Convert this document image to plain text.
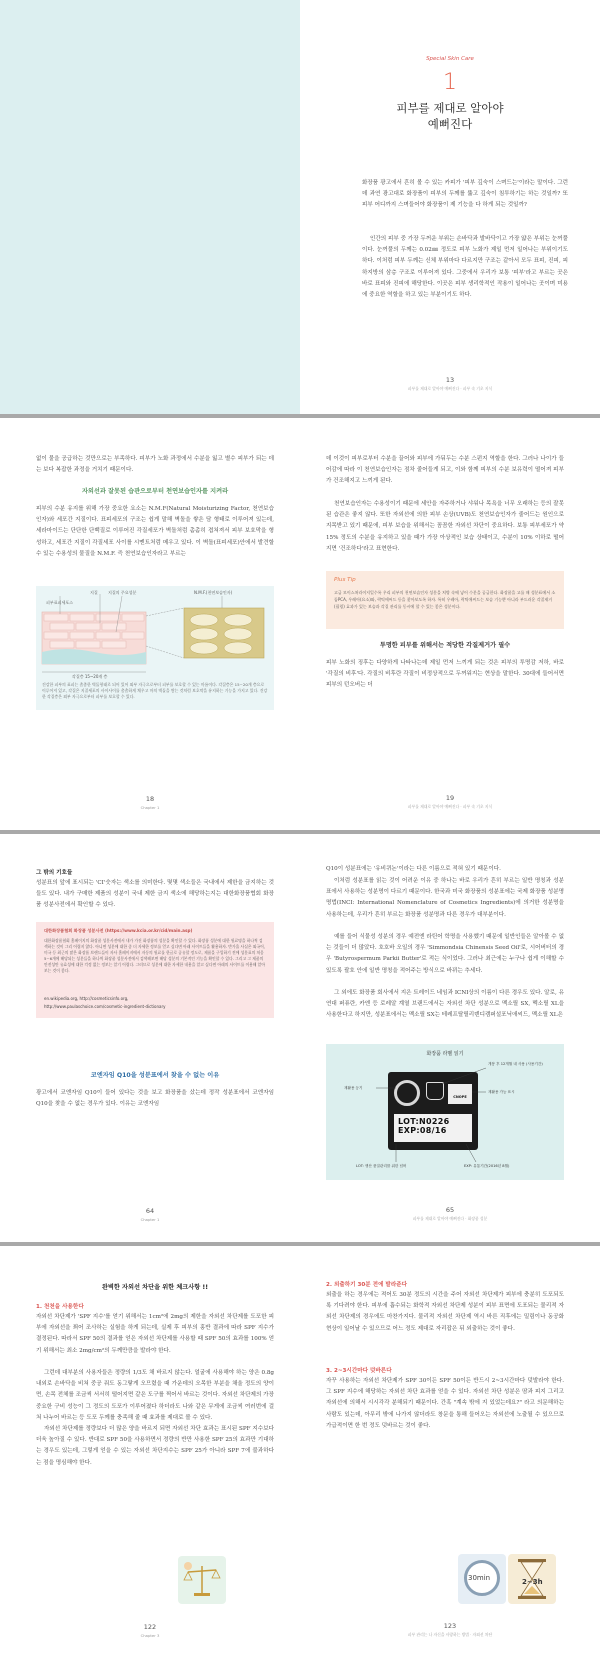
Special Skin Care
1
피부를 제대로 알아야
예뻐진다
화장품 광고에서 흔히 볼 수 있는 카피가 '피부 깊숙이 스며드는'이라는 말이다. 그런데 과연 광고대로 화장품이 피부의 두께를 뚫고 깊숙이 침투하기는 하는 것일까? 또 피부 어디까지 스며들어야 화장품이 제 기능을 다 하게 되는 것일까?
인간의 피부 중 가장 두꺼운 부위는 손바닥과 발바닥이고 가장 얇은 부위는 눈꺼풀이다. 눈꺼풀의 두께는 0.02㎜ 정도로 피부 노화가 제일 먼저 일어나는 부위이기도 하다. 이처럼 피부 두께는 신체 부위마다 다르지만 구조는 같아서 모두 표피, 진피, 피하지방의 삼층 구조로 이루어져 있다. 그중에서 우리가 보통 '피부'라고 부르는 곳은 바로 표피와 진피에 해당한다. 이곳은 피부 생리학적인 작용이 일어나는 곳이며 미용에 중요한 역할을 하고 있는 부분이기도 하다.
13
피부를 제대로 알아야 예뻐진다 · 피부 속 기초 지식
없이 물을 공급하는 것만으로는 부족하다. 피부가 노화 과정에서 수분을 잃고 별수 피부가 되는 데는 보다 복잡한 과정을 거치기 때문이다.
자외선과 잘못된 습관으로부터 천연보습인자를 지켜라
피부의 수분 유지를 위해 가장 중요한 요소는 N.M.F(Natural Moisturizing Factor, 천연보습인자)와 세포간 지질이다. 표피세포의 구조는 쉽게 말해 벽돌을 쌓은 담 형태로 이루어져 있는데, 세라마이드는 단단한 단백질로 이루어진 각질세포가 벽돌처럼 촘촘히 겹쳐져서 피부 보호막을 형성하고, 세포간 지질이 각질세포 사이를 시멘트처럼 메우고 있다. 이 벽돌(표피세포)안에서 발견할 수 있는 수용성의 물질을 N.M.F. 즉 천연보습인자라고 부르는
피부표피세포스
지질	지질의 주요성분	N.M.F.(천연보습인자)
각질층 15~20개 층
건강한 피부의 표피는 촘촘한 벽돌형태로 되어 있어 외부 자극으로부터 피부를 보호할 수 있는 마름이다. 각질층은 15~20개 층으로 이루어져 있고, 각질은 지질세포의 사이사이를 촘촘하게 채우고 마치 벽돌을 쌓는 것처럼 보호막을 유지하는 기능을 가지고 있다. 건강한 각질층은 외부 자극으로부터 피부를 보호할 수 있다.
18
Chapter 1
데 이것이 피부로부터 수분을 끌어와 피부에 가둬두는 수분 스펀지 역할을 한다. 그러나 나이가 들어감에 따라 이 천연보습인자는 점차 줄어들게 되고, 이와 함께 피부의 수분 보유력이 떨어져 피부가 건조해지고 느끼게 된다.
천연보습인자는 수용성이기 때문에 세안을 자주하거나 샤워나 목욕을 너무 오래하는 등의 잘못된 습관은 좋지 않다. 또한 자외선에 의한 피부 손상(UVB)도 천연보습인자가 줄어드는 원인으로 지목받고 있기 때문에, 피부 보습을 위해서는 꼼꼼한 자외선 차단이 중요하다. 보통 피부세포가 약 15% 정도의 수분을 유지하고 있을 때가 가장 아상적인 보습 상태이고, 수분이 10% 이하로 떨어지면 '건조하다'라고 표현한다.
Plus Tip
고급 모이스처라이저일수록 우리 피부의 천연보습인자 성분을 처방 속에 넣어 수분을 공급한다. 화장품을 고를 때 성분표에서 소듐PCA, 우레아(요소)와, 락틱애씨드 등을 찾아보도록 하자. 특히 우레아, 락틱애씨드는 보습 기능뿐 아니라 부드러운 각질제거(필링) 효과가 있는 보습과 각질 관리를 동시에 할 수 있는 좋은 성분이다.
투명한 피부를 위해서는 적당한 각질제거가 필수
피부 노화의 징후는 다양하게 나타나는데 제일 먼저 느끼게 되는 것은 피부의 투명감 저하, 바로 '각질의 비후'다. 각질의 비후란 각질이 비정상적으로 두꺼워지는 현상을 말한다. 30대에 들어서면 피부의 턴오버는 더
19
피부를 제대로 알아야 예뻐진다 · 피부 속 기초 지식
그 밖의 기호들
성분표의 앞에 표시되는 'CI'숫자는 색소를 의미한다. 몇몇 색소들은 국내에서 제한을 금지하는 것들도 있다. 내가 구매한 제품의 성분이 국내 제한 금지 색소에 해당하는지는 대한화장품협회 화장품 성분사전에서 확인할 수 있다.
대한화장품협회 화장품 성분사전 (https://www.kcia.or.kr/cid/main.asp)
대한화장품협회 홈페이지의 화장품 성분사전에서 내가 가진 화장품의 성분을 확인할 수 있다. 화장품 성분에 대한 원료명을 하나씩 검색하는 것이 그리 어렵지 않다. 아니면 성분에 대한 좀 더 자세한 정보를 얻고 싶다면 아래 사이트들을 활용하자. 반가울 사실은 외국어, 미국 등 최근의 많은 화장품 브랜드들이 자사 홈페이지에서 자동의 원료를 한글로 공유할 정도로, 제품을 구입하기 전에 성분표의 처음 5~6개에 해당되는 성분들을 하나씩 화장품 성분사전에서 검색해보면 해당 성분의 기본적인 기능을 확인할 수 있다. 그리고 그 제품의 안전성만 유효성에 대한 걱정 없는 정보는 알기 어렵다. 그러므로 성분에 대한 자세한 내용을 알고 싶다면 아래의 사이트를 이용해 알아보는 것이 좋다.
en.wikipedia.org, http://cosmeticsinfo.org,
http://www.paulaschoice.com/cosmetic-ingredient-dictionary
코엔자임 Q10을 성분표에서 찾을 수 없는 이유
광고에서 코엔자임 Q10이 들어 있다는 것을 보고 화장품을 샀는데 정작 성분표에서 코엔자임 Q10을 찾을 수 없는 경우가 있다. 이유는 코엔자임
64
Chapter 1
Q10이 성분표에는 '유비퀴논'이라는 다른 이름으로 적혀 있기 때문이다.
이처럼 성분표를 읽는 것이 어려운 이유 중 하나는 바로 우리가 흔히 부르는 일반 명칭과 성분표에서 사용하는 성분명이 다르기 때문이다. 한국과 미국 화장품의 성분표에는 국제 화장품 성분명명법(INCI: International Nomenclature of Cosmetics Ingredients)에 의거한 성분명을 사용하는데, 우리가 흔히 부르는 화장품 성분명과 다른 경우가 대부분이다.
예를 들어 식물성 성분의 경우 예전엔 라틴어 학명을 사용했기 때문에 일반인들은 알아볼 수 없는 것들이 더 많았다. 호호바 오일의 경우 'Simmondsia Chinensis Seed Oil'로, 시어버터의 경우 'Butyrospermum Parkii Butter'로 적는 식이었다. 그러나 최근에는 누구나 쉽게 이해할 수 있도록 괄호 안에 일반 명칭을 적어주는 방식으로 바뀌는 추세다.
그 외에도 화장품 회사에서 지은 트레이드 네임과 ICNI상의 이름이 다른 경우도 있다. 알로, 유연대 퍼퓨란, 카엔 등 로레알 계열 브랜드에서는 자외선 차단 성분으로 멕소릴 SX, 멕소릴 XL을 사용한다고 하지만, 성분표에서는 멕소릴 SX는 테레프탈릴리덴디캠퍼설포닉애씨드, 멕소릴 XL은
화장품 라벨 읽기
CNOPE
LOT:N0226
EXP:08/16
개봉 후 12개월 내 사용 (사용기간)
재활용 등기
재활용 가능 표시
LOT: 생산 품질관리를 위한 넘버	EXP: 유통기간(2016년 8월)
65
피부를 제대로 알아야 예뻐진다 · 화장품 성분
완벽한 자외선 차단을 위한 체크사항 !!
1. 천천을 사용한다
자외선 차단제가 'SPF 지수'를 얻기 위해서는 1cm²에 2mg의 제한을 자외선 차단제를 도포한 피부에 자외선을 쬐어 조사하는 실험을 하게 되는데, 실제 후 피부의 홍반 결과에 따라 SPF 지수가 결정된다. 따라서 SPF 50의 결과를 얻은 자외선 차단제를 사용할 때 SPF 50의 효과를 100% 얻기 위해서는 최소 2mg/cm²의 두께만큼을 발라야 한다.
그런데 대부분의 사용자들은 정량의 1/3도 채 바르지 않는다. 얼굴에 사용해야 하는 양은 0.8g 내외로 손바닥을 비쳐 중공 줘도 동그랗게 오므렸을 때 가운데의 오목한 부분을 채울 정도의 양이면, 손목 전체를 조금씩 서서히 떨어지면 같은 도구를 찍어서 바르는 것이다. 자외선 차단제의 가장 중요한 구비 성능이 그 정도의 도포가 이루어졌다 하더라도 나와 같은 무게에 조금씩 여러번에 걸쳐 나누어 바르는 등 도포 두께를 충족해 줄 때 효과를 제대로 볼 수 있다.
자외선 차단제를 정량보다 더 많은 양을 바르지 되면 자외선 차단 효과는 표시된 SPF 지수보다 더욱 높아질 수 있다. 반대로 SPF 50을 사용하면서 정량의 반만 사용한 SPF 25의 효과만 기대하는 경우도 있는데, 그렇게 얻을 수 있는 자외선 차단지수는 SPF 25가 아니라 SPF 7에 불과하다는 점을 명심해야 한다.
122
Chapter 3
2. 외출하기 30분 전에 발라준다
외출을 하는 경우에는 적어도 30분 정도의 시간을 주어 자외선 차단제가 피부에 충분히 도포되도록 기다려야 한다. 피부에 흡수되는 화학적 자외선 차단제 성분이 피부 표면에 도포되는 물리적 자외선 차단제의 경우에도 마찬가지다. 물리적 자외선 차단제 역시 바른 직후에는 밀림이나 동공화 현상이 일어날 수 있으므로 어느 정도 제대로 자리잡은 뒤 외출하는 것이 좋다.
3. 2~3시간마다 덧바른다
자꾸 사용하는 자외선 차단제가 SPF 30이든 SPF 50이든 반드시 2~3시간마다 덧발라야 한다. 그 SPF 지수에 해당하는 자외선 차단 효과를 얻을 수 있다. 자외선 차단 성분은 땀과 피지 그리고 자외선에 의해서 시시각각 분해되기 때문이다. 간혹 "계속 밖에 지 있었는데요?" 라고 의문해하는 사람도 있는데, 아무리 밖에 나가지 않더라도 창문을 통해 들어오는 자외선에 노출될 수 있으므로 가급적이면 한 번 정도 덧바르는 것이 좋다.
30min	2~3h
123
피부 관리는 나 자신을 사랑하는 방법 · 자외선 차단
